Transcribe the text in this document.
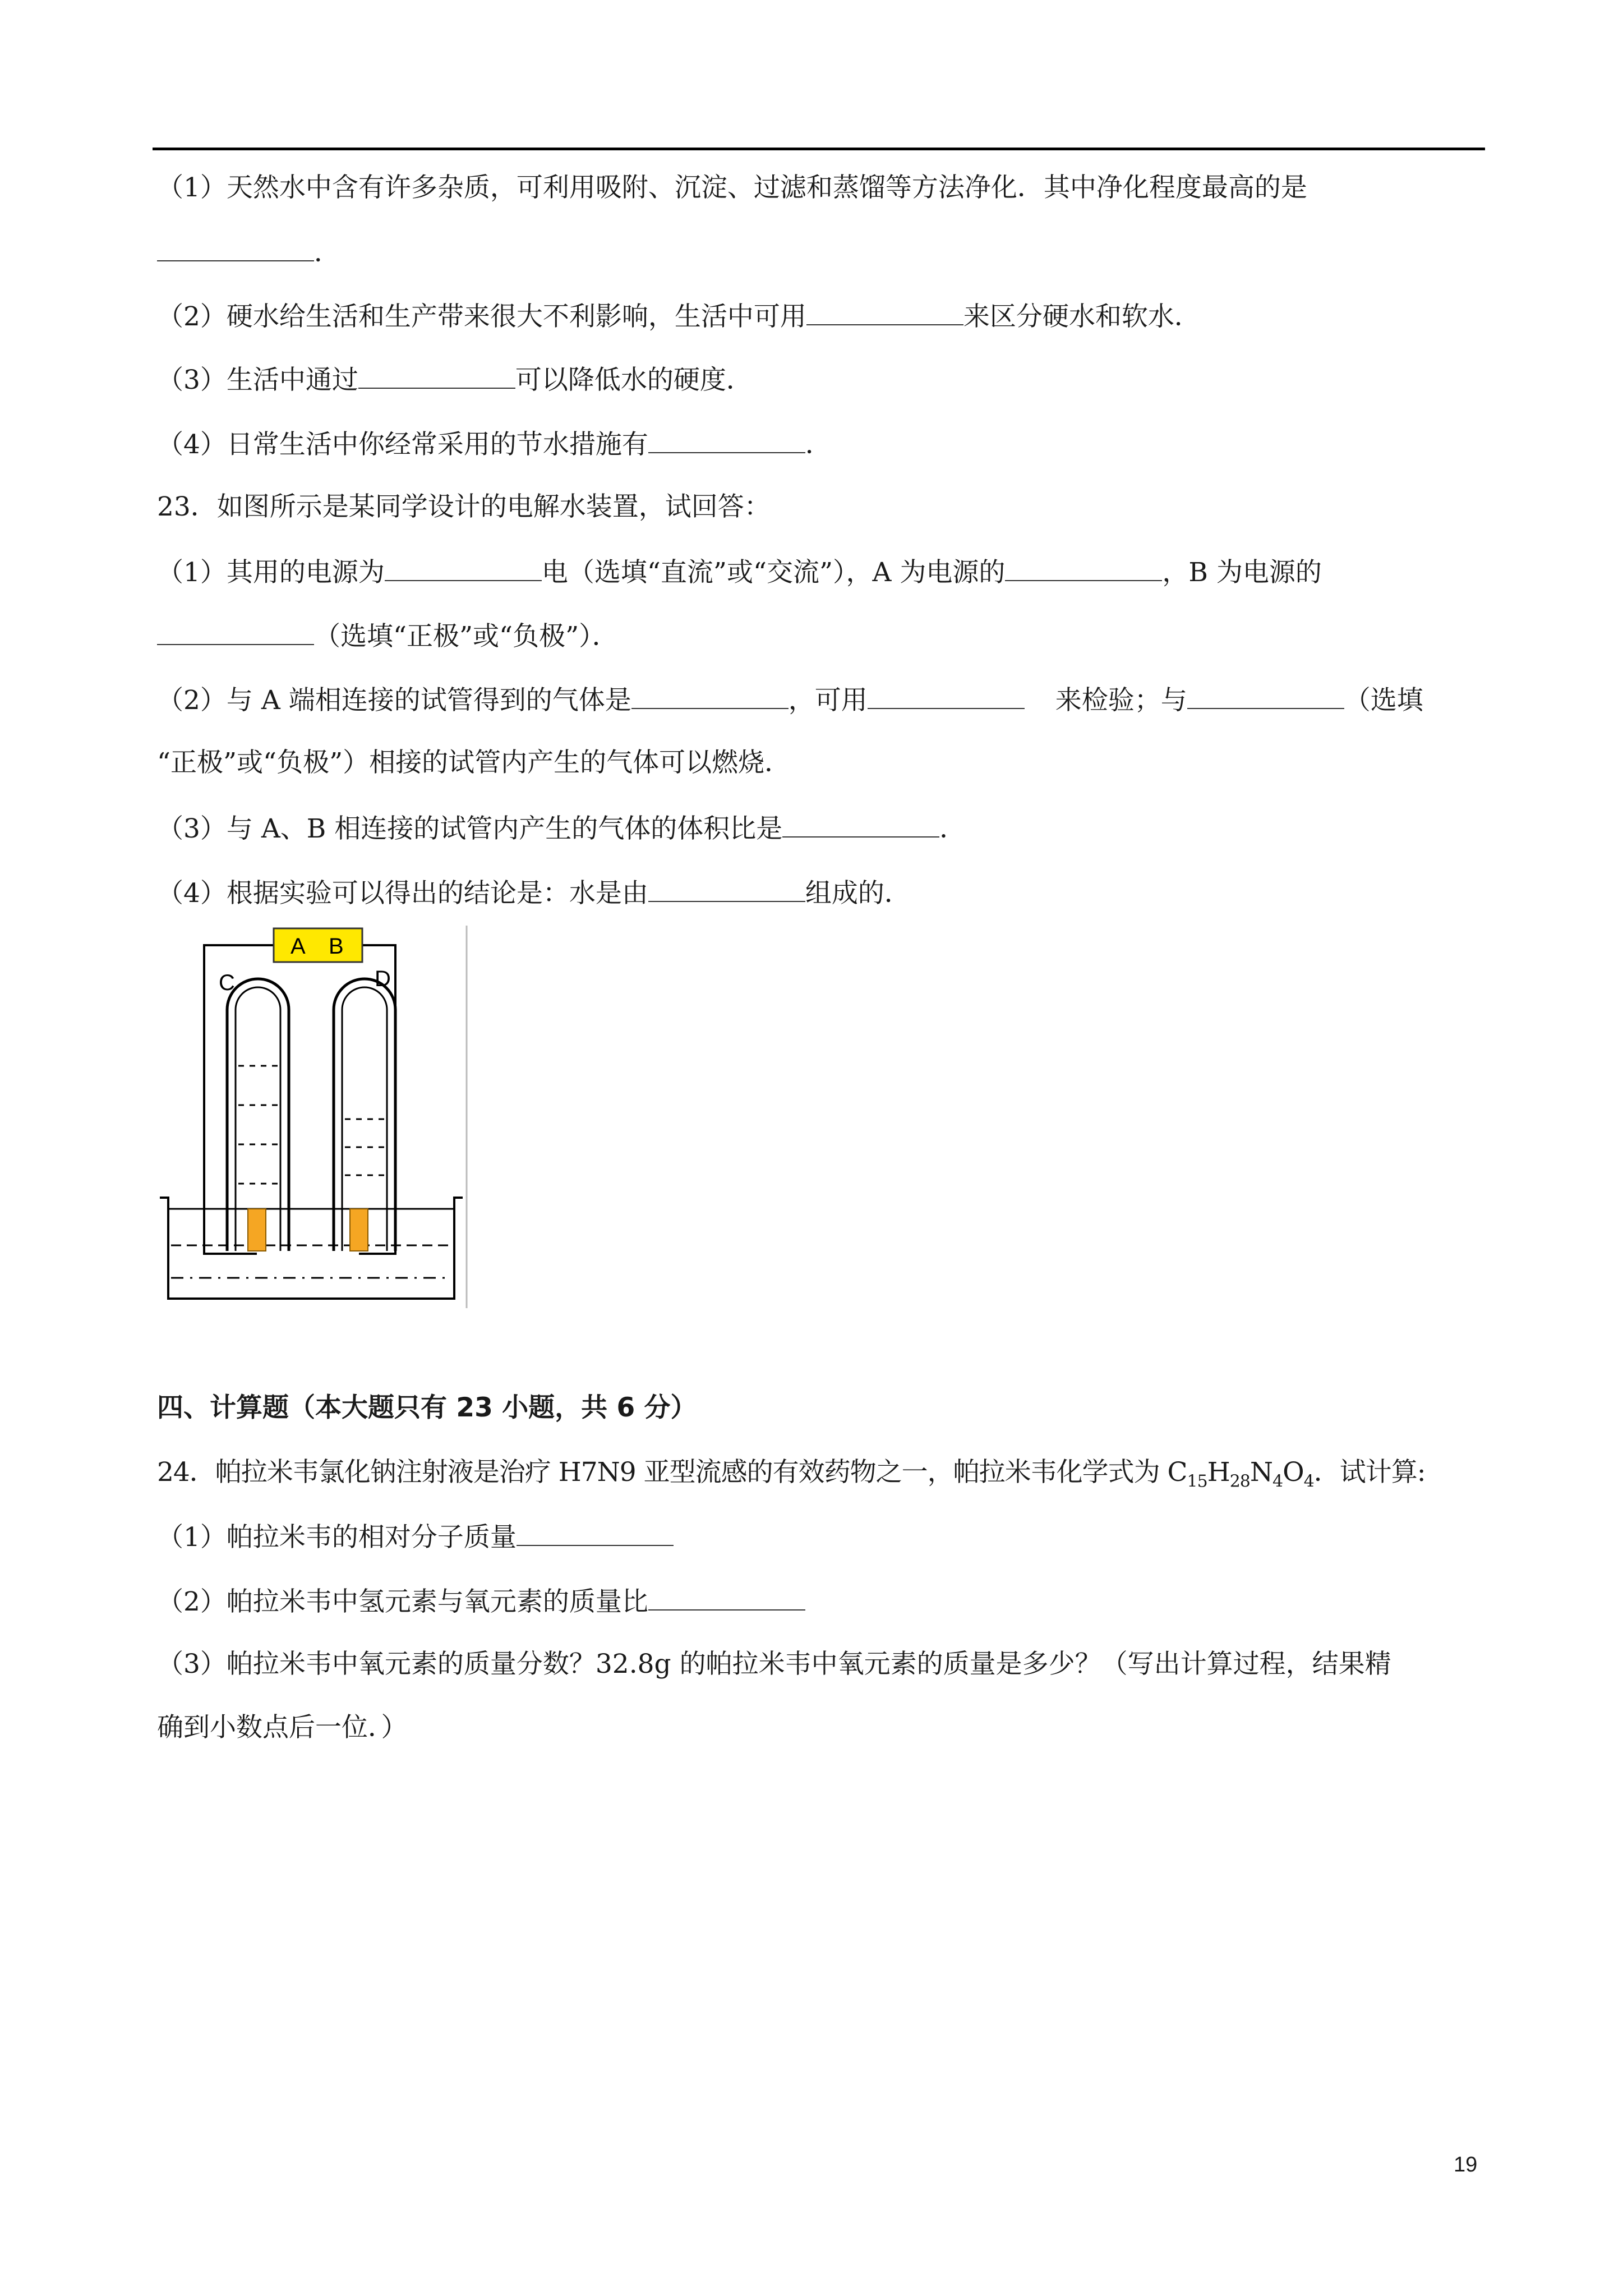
（1）天然水中含有许多杂质，可利用吸附、沉淀、过滤和蒸馏等方法净化．其中净化程度最高的是
．
（2）硬水给生活和生产带来很大不利影响，生活中可用	来区分硬水和软水．
（3）生活中通过	可以降低水的硬度．
（4）日常生活中你经常采用的节水措施有	．
23．如图所示是某同学设计的电解水装置，试回答：
（1）其用的电源为	电（选填“直流”或“交流”），A 为电源的	，B 为电源的
（选填“正极”或“负极”）．
（2）与 A 端相连接的试管得到的气体是	，可用	来检验；与	（选填
“正极”或“负极”）相接的试管内产生的气体可以燃烧．
（3）与 A、B 相连接的试管内产生的气体的体积比是	．
（4）根据实验可以得出的结论是：水是由	组成的．
A B
C	D
四、计算题（本大题只有 23 小题，共 6 分）
24．帕拉米韦氯化钠注射液是治疗 H7N9 亚型流感的有效药物之一，帕拉米韦化学式为 $C_{15}H_{28}N_4O_4$．试计算:
（1）帕拉米韦的相对分子质量
（2）帕拉米韦中氢元素与氧元素的质量比
（3）帕拉米韦中氧元素的质量分数？32.8g 的帕拉米韦中氧元素的质量是多少？（写出计算过程，结果精
确到小数点后一位．）
19
